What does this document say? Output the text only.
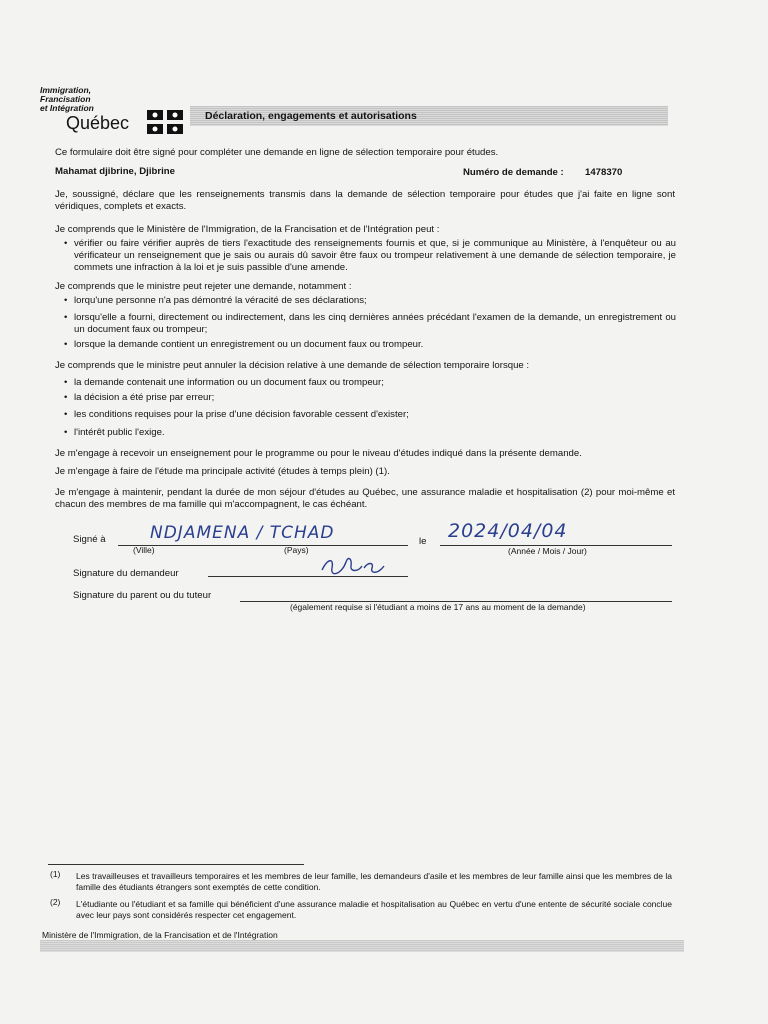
Immigration,
Francisation
et Intégration
Québec	Déclaration, engagements et autorisations
Ce formulaire doit être signé pour compléter une demande en ligne de sélection temporaire pour études.
Mahamat djibrine, Djibrine	Numéro de demande : 1478370
Je, soussigné, déclare que les renseignements transmis dans la demande de sélection temporaire pour études que j'ai faite en ligne sont véridiques, complets et exacts.
Je comprends que le Ministère de l'Immigration, de la Francisation et de l'Intégration peut :
• vérifier ou faire vérifier auprès de tiers l'exactitude des renseignements fournis et que, si je communique au Ministère, à l'enquêteur ou au vérificateur un renseignement que je sais ou aurais dû savoir être faux ou trompeur relativement à une demande de sélection temporaire, je commets une infraction à la loi et je suis passible d'une amende.
Je comprends que le ministre peut rejeter une demande, notamment :
• lorqu'une personne n'a pas démontré la véracité de ses déclarations;
• lorsqu'elle a fourni, directement ou indirectement, dans les cinq dernières années précédant l'examen de la demande, un enregistrement ou un document faux ou trompeur;
• lorsque la demande contient un enregistrement ou un document faux ou trompeur.
Je comprends que le ministre peut annuler la décision relative à une demande de sélection temporaire lorsque :
• la demande contenait une information ou un document faux ou trompeur;
• la décision a été prise par erreur;
• les conditions requises pour la prise d'une décision favorable cessent d'exister;
• l'intérêt public l'exige.
Je m'engage à recevoir un enseignement pour le programme ou pour le niveau d'études indiqué dans la présente demande.
Je m'engage à faire de l'étude ma principale activité (études à temps plein) (1).
Je m'engage à maintenir, pendant la durée de mon séjour d'études au Québec, une assurance maladie et hospitalisation (2) pour moi-même et chacun des membres de ma famille qui m'accompagnent, le cas échéant.
Signé à	NDJAMENA / TCHAD
(Ville)	(Pays)
le 2024/04/04
(Année / Mois / Jour)
Signature du demandeur
Signature du parent ou du tuteur
(également requise si l'étudiant a moins de 17 ans au moment de la demande)
(1) Les travailleuses et travailleurs temporaires et les membres de leur famille, les demandeurs d'asile et les membres de leur famille ainsi que les membres de la famille des étudiants étrangers sont exemptés de cette condition.
(2) L'étudiante ou l'étudiant et sa famille qui bénéficient d'une assurance maladie et hospitalisation au Québec en vertu d'une entente de sécurité sociale conclue avec leur pays sont considérés respecter cet engagement.
Ministère de l'Immigration, de la Francisation et de l'Intégration
